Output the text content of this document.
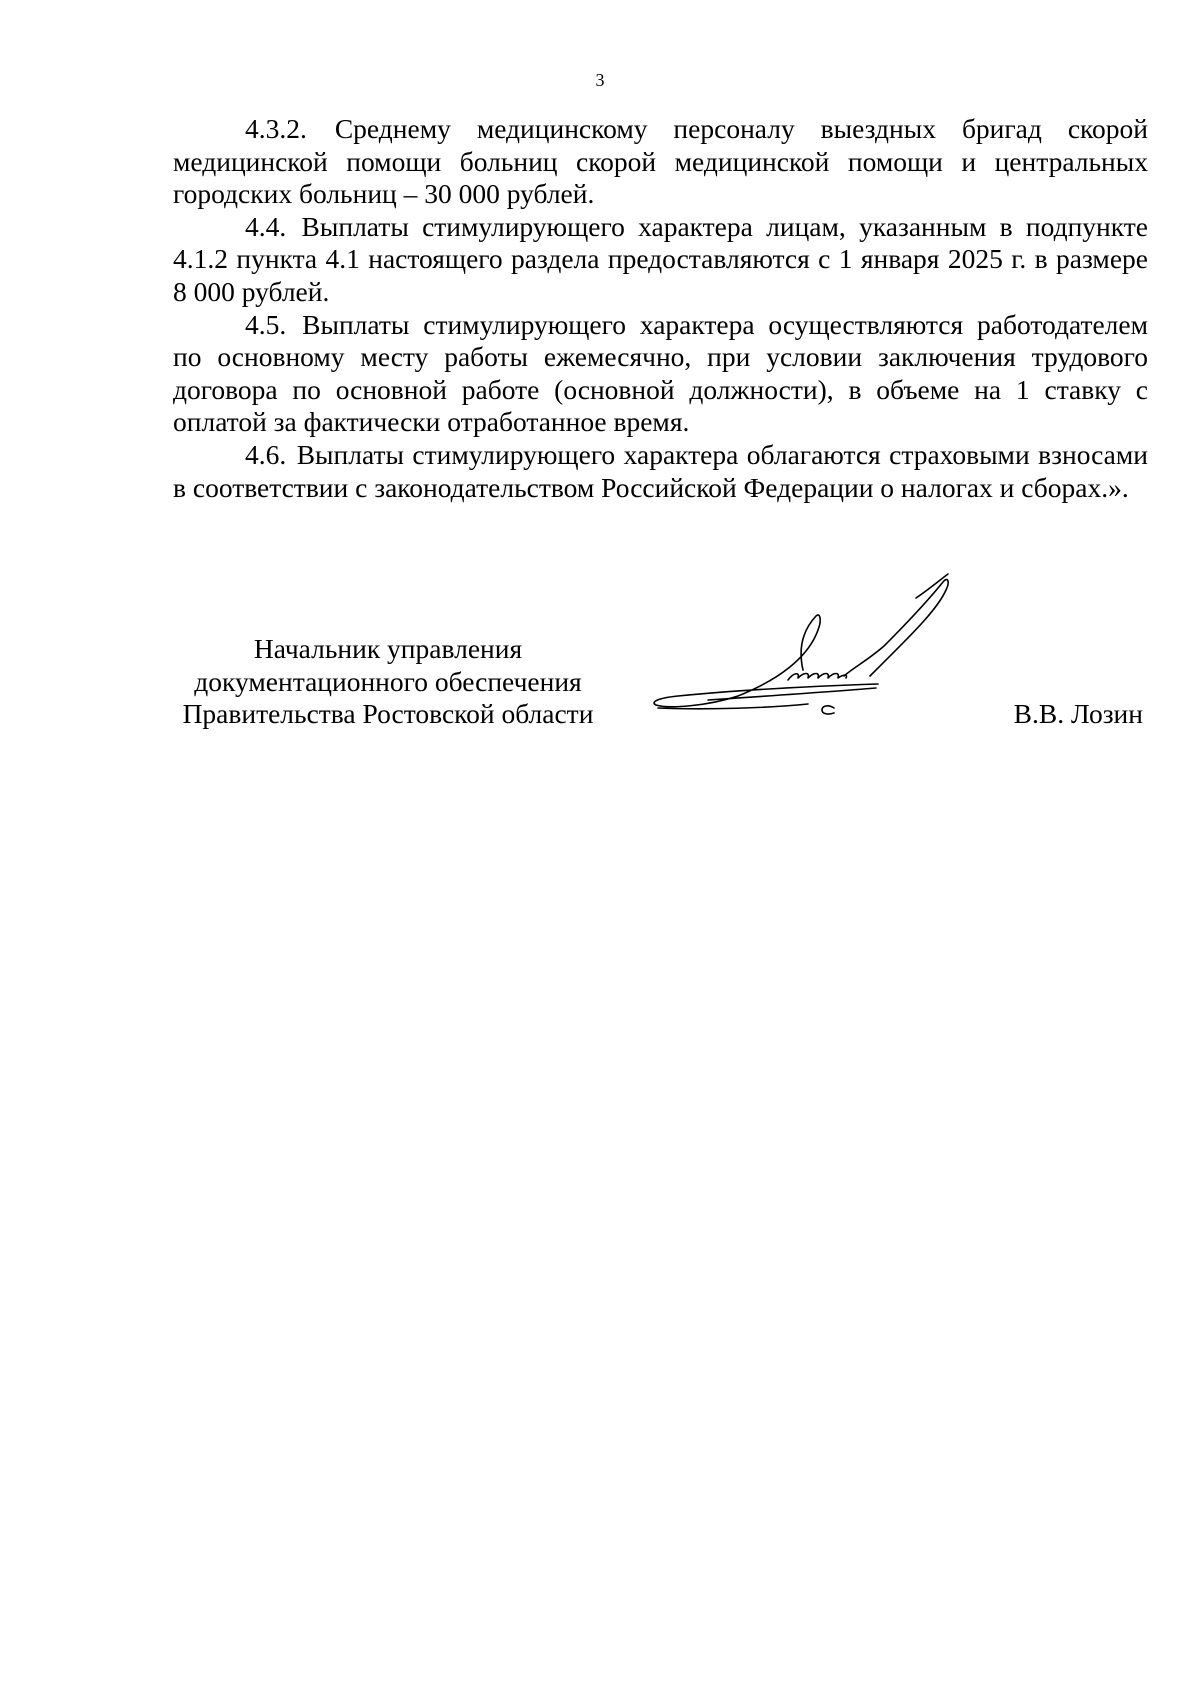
3

4.3.2. Среднему медицинскому персоналу выездных бригад скорой медицинской помощи больниц скорой медицинской помощи и центральных городских больниц – 30 000 рублей.

4.4. Выплаты стимулирующего характера лицам, указанным в подпункте 4.1.2 пункта 4.1 настоящего раздела предоставляются с 1 января 2025 г. в размере 8 000 рублей.

4.5. Выплаты стимулирующего характера осуществляются работодателем по основному месту работы ежемесячно, при условии заключения трудового договора по основной работе (основной должности), в объеме на 1 ставку с оплатой за фактически отработанное время.

4.6. Выплаты стимулирующего характера облагаются страховыми взносами в соответствии с законодательством Российской Федерации о налогах и сборах.».

Начальник управления
документационного обеспечения
Правительства Ростовской области	В.В. Лозин
